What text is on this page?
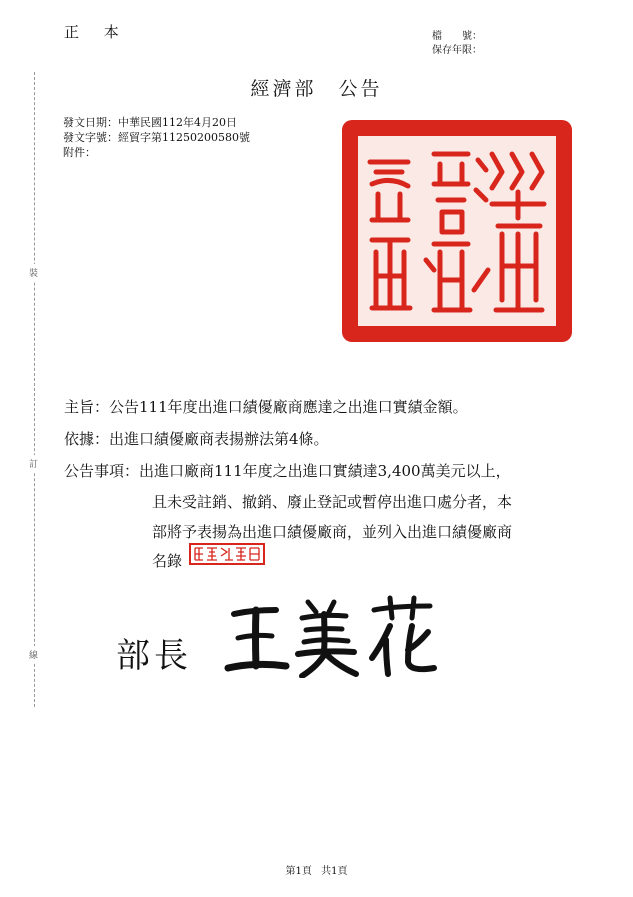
正 本	檔　　號：
保存年限：
經濟部　公告
發文日期：中華民國112年4月20日
發文字號：經貿字第11250200580號
附件：
裝
訂
線
主旨：公告111年度出進口績優廠商應達之出進口實績金額。
依據：出進口績優廠商表揚辦法第4條。
公告事項：出進口廠商111年度之出進口實績達3,400萬美元以上，
且未受註銷、撤銷、廢止登記或暫停出進口處分者，本
部將予表揚為出進口績優廠商，並列入出進口績優廠商
名錄
部長
第1頁 共1頁
